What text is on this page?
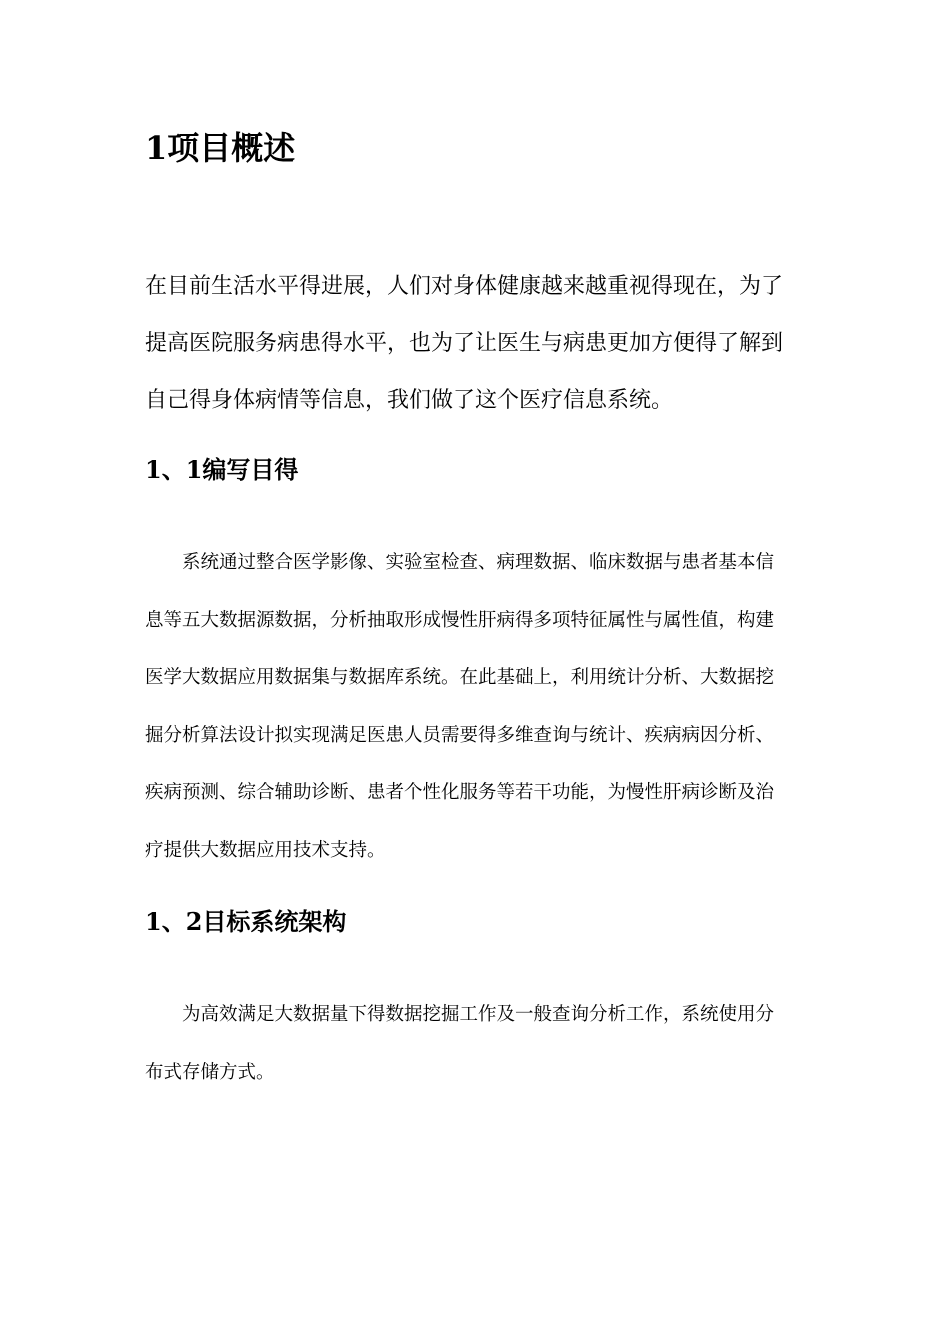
1项目概述
在目前生活水平得进展，人们对身体健康越来越重视得现在，为了
提高医院服务病患得水平，也为了让医生与病患更加方便得了解到
自己得身体病情等信息，我们做了这个医疗信息系统。
1、1编写目得
系统通过整合医学影像、实验室检查、病理数据、临床数据与患者基本信
息等五大数据源数据，分析抽取形成慢性肝病得多项特征属性与属性值，构建
医学大数据应用数据集与数据库系统。在此基础上，利用统计分析、大数据挖
掘分析算法设计拟实现满足医患人员需要得多维查询与统计、疾病病因分析、
疾病预测、综合辅助诊断、患者个性化服务等若干功能，为慢性肝病诊断及治
疗提供大数据应用技术支持。
1、2目标系统架构
为高效满足大数据量下得数据挖掘工作及一般查询分析工作，系统使用分
布式存储方式。
